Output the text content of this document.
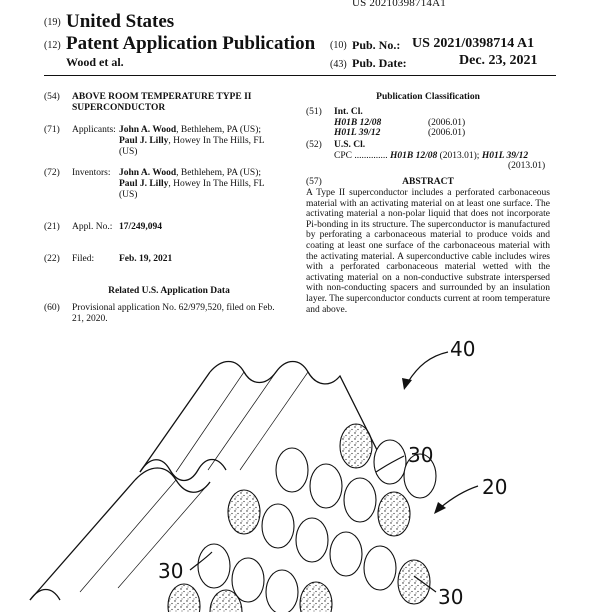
US 20210398714A1
(19) United States
(12) Patent Application Publication
Wood et al.
(10) Pub. No.: US 2021/0398714 A1
(43) Pub. Date:	Dec. 23, 2021
(54) ABOVE ROOM TEMPERATURE TYPE II
SUPERCONDUCTOR
(71) Applicants: John A. Wood, Bethlehem, PA (US);
Paul J. Lilly, Howey In The Hills, FL
(US)
(72) Inventors: John A. Wood, Bethlehem, PA (US);
Paul J. Lilly, Howey In The Hills, FL
(US)
(21) Appl. No.: 17/249,094
(22) Filed:	Feb. 19, 2021
Related U.S. Application Data
(60) Provisional application No. 62/979,520, filed on Feb.
21, 2020.
Publication Classification
(51) Int. Cl.
H01B 12/08	(2006.01)
H01L 39/12	(2006.01)
(52) U.S. Cl.
CPC .............. H01B 12/08 (2013.01); H01L 39/12
(2013.01)
(57)	ABSTRACT
A Type II superconductor includes a perforated carbonaceous material with an activating material on at least one surface. The activating material a non-polar liquid that does not incorporate Pi-bonding in its structure. The superconductor is manufactured by perforating a carbonaceous material to produce voids and coating at least one surface of the carbonaceous material with the activating material. A superconductive cable includes wires with a perforated carbonaceous material wetted with the activating material on a non-conductive substrate interspersed with non-conducting spacers and surrounded by an insulation layer. The superconductor conducts current at room temperature and above.
40
30
20
30
30
